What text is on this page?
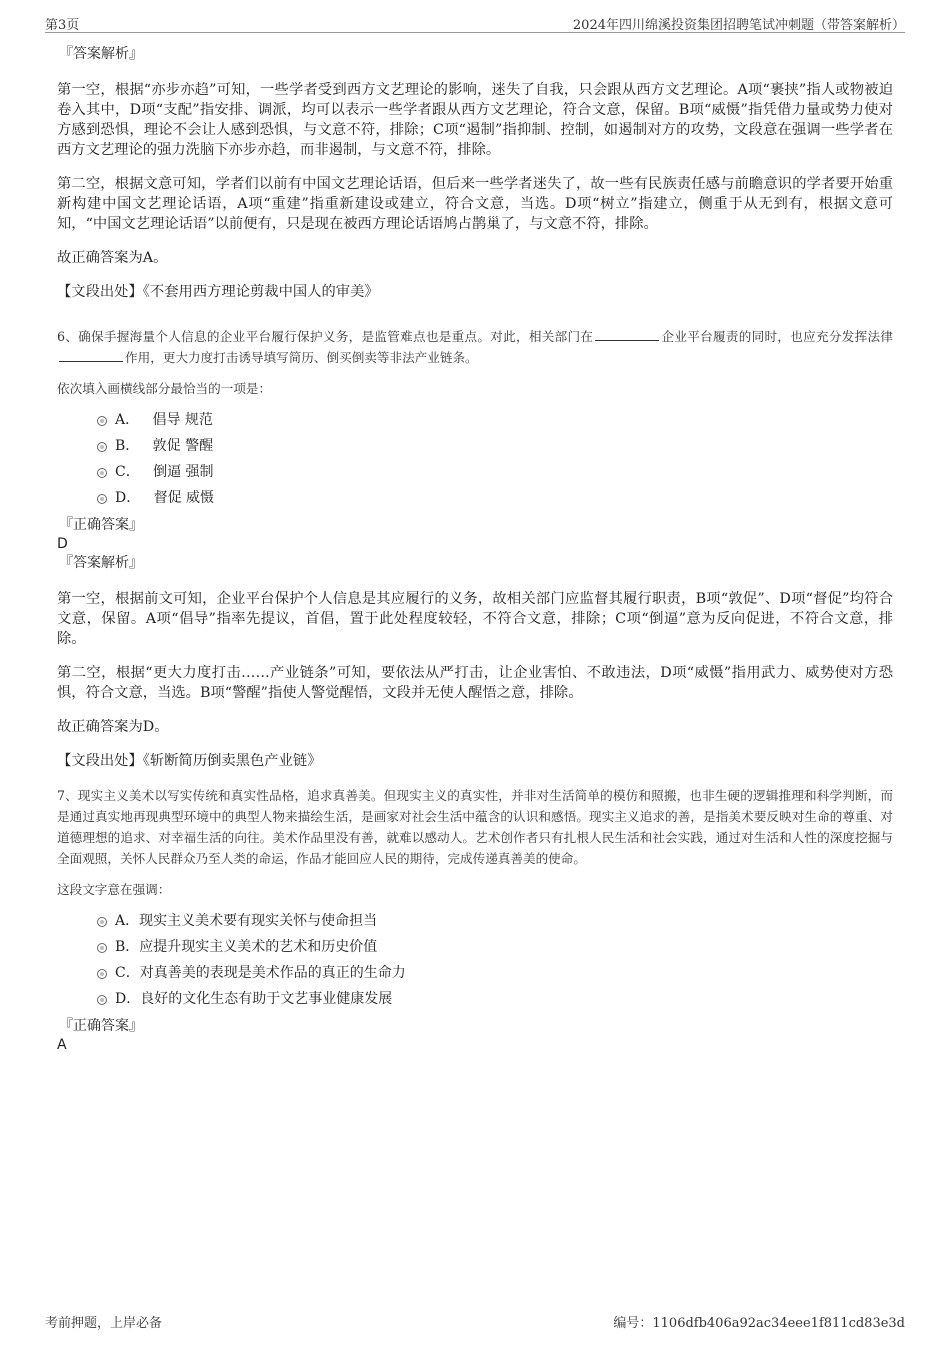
第3页	2024年四川绵溪投资集团招聘笔试冲刺题（带答案解析）

『答案解析』

第一空，根据“亦步亦趋”可知，一些学者受到西方文艺理论的影响，迷失了自我，只会跟从西方文艺理论。A项“裹挟”指人或物被迫卷入其中，D项“支配”指安排、调派，均可以表示一些学者跟从西方文艺理论，符合文意，保留。B项“威慑”指凭借力量或势力使对方感到恐惧，理论不会让人感到恐惧，与文意不符，排除；C项“遏制”指抑制、控制，如遏制对方的攻势，文段意在强调一些学者在西方文艺理论的强力洗脑下亦步亦趋，而非遏制，与文意不符，排除。

第二空，根据文意可知，学者们以前有中国文艺理论话语，但后来一些学者迷失了，故一些有民族责任感与前瞻意识的学者要开始重新构建中国文艺理论话语，A项“重建”指重新建设或建立，符合文意，当选。D项“树立”指建立，侧重于从无到有，根据文意可知，“中国文艺理论话语”以前便有，只是现在被西方理论话语鸠占鹊巢了，与文意不符，排除。

故正确答案为A。

【文段出处】《不套用西方理论剪裁中国人的审美》

6、确保手握海量个人信息的企业平台履行保护义务，是监管难点也是重点。对此，相关部门在	企业平台履责的同时，也应充分发挥法律作用，更大力度打击诱导填写简历、倒买倒卖等非法产业链条。

依次填入画横线部分最恰当的一项是：

A． 倡导 规范
B． 敦促 警醒
C． 倒逼 强制
D． 督促 威慑

『正确答案』

D

『答案解析』

第一空，根据前文可知，企业平台保护个人信息是其应履行的义务，故相关部门应监督其履行职责，B项“敦促”、D项“督促”均符合文意，保留。A项“倡导”指率先提议，首倡，置于此处程度较轻，不符合文意，排除；C项“倒逼”意为反向促进，不符合文意，排除。

第二空，根据“更大力度打击……产业链条”可知，要依法从严打击，让企业害怕、不敢违法，D项“威慑”指用武力、威势使对方恐惧，符合文意，当选。B项“警醒”指使人警觉醒悟，文段并无使人醒悟之意，排除。

故正确答案为D。

【文段出处】《斩断简历倒卖黑色产业链》

7、现实主义美术以写实传统和真实性品格，追求真善美。但现实主义的真实性，并非对生活简单的模仿和照搬，也非生硬的逻辑推理和科学判断，而是通过真实地再现典型环境中的典型人物来描绘生活，是画家对社会生活中蕴含的认识和感悟。现实主义追求的善，是指美术要反映对生命的尊重、对道德理想的追求、对幸福生活的向往。美术作品里没有善，就难以感动人。艺术创作者只有扎根人民生活和社会实践，通过对生活和人性的深度挖掘与全面观照，关怀人民群众乃至人类的命运，作品才能回应人民的期待，完成传递真善美的使命。

这段文字意在强调：

A．现实主义美术要有现实关怀与使命担当
B．应提升现实主义美术的艺术和历史价值
C．对真善美的表现是美术作品的真正的生命力
D．良好的文化生态有助于文艺事业健康发展

『正确答案』

A

考前押题，上岸必备	编号：1106dfb406a92ac34eee1f811cd83e3d
